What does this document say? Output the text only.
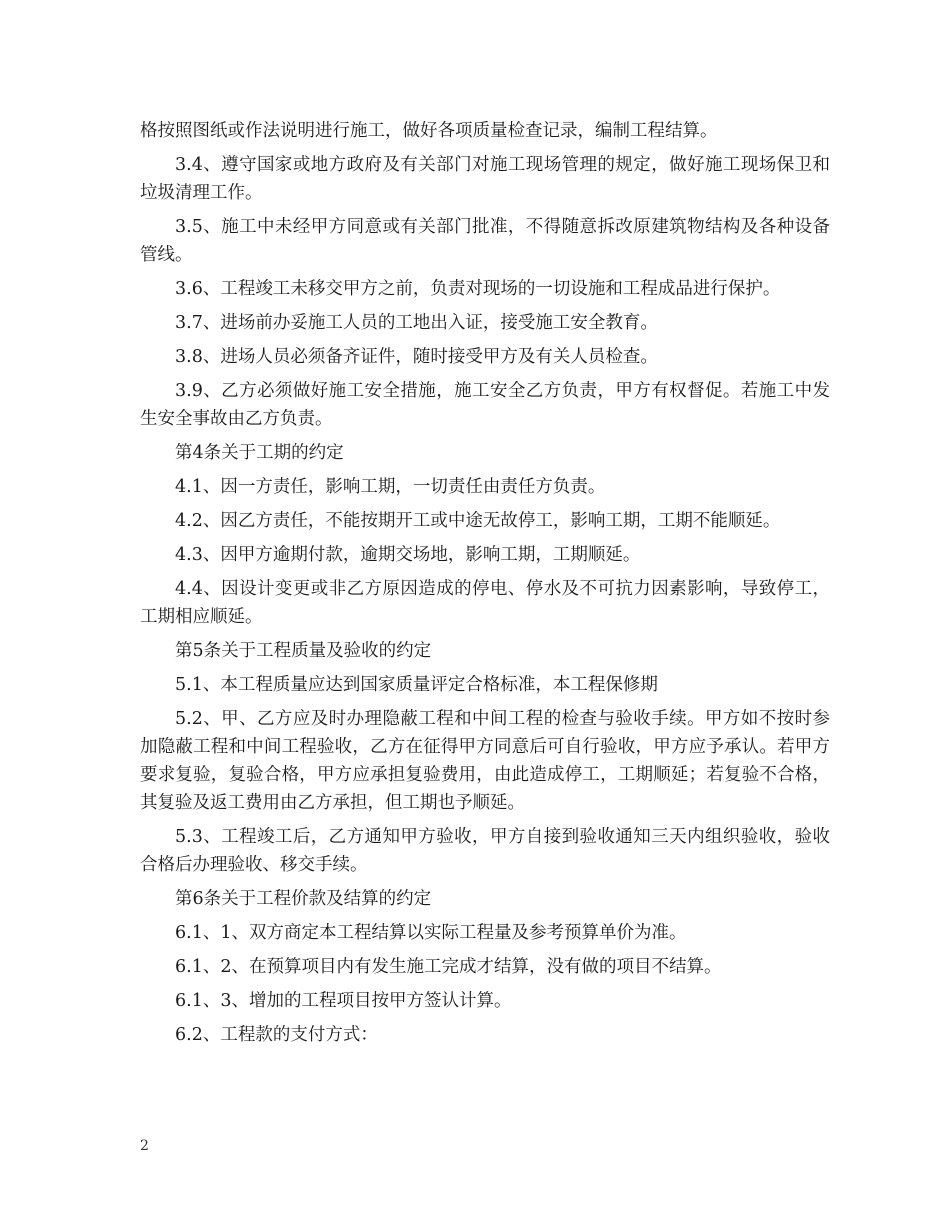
格按照图纸或作法说明进行施工，做好各项质量检查记录，编制工程结算。

3.4、遵守国家或地方政府及有关部门对施工现场管理的规定，做好施工现场保卫和垃圾清理工作。

3.5、施工中未经甲方同意或有关部门批准，不得随意拆改原建筑物结构及各种设备管线。

3.6、工程竣工未移交甲方之前，负责对现场的一切设施和工程成品进行保护。

3.7、进场前办妥施工人员的工地出入证，接受施工安全教育。

3.8、进场人员必须备齐证件，随时接受甲方及有关人员检查。

3.9、乙方必须做好施工安全措施，施工安全乙方负责，甲方有权督促。若施工中发生安全事故由乙方负责。

第4条关于工期的约定

4.1、因一方责任，影响工期，一切责任由责任方负责。

4.2、因乙方责任，不能按期开工或中途无故停工，影响工期，工期不能顺延。

4.3、因甲方逾期付款，逾期交场地，影响工期，工期顺延。

4.4、因设计变更或非乙方原因造成的停电、停水及不可抗力因素影响，导致停工，工期相应顺延。

第5条关于工程质量及验收的约定

5.1、本工程质量应达到国家质量评定合格标准，本工程保修期

5.2、甲、乙方应及时办理隐蔽工程和中间工程的检查与验收手续。甲方如不按时参加隐蔽工程和中间工程验收，乙方在征得甲方同意后可自行验收，甲方应予承认。若甲方要求复验，复验合格，甲方应承担复验费用，由此造成停工，工期顺延；若复验不合格，其复验及返工费用由乙方承担，但工期也予顺延。

5.3、工程竣工后，乙方通知甲方验收，甲方自接到验收通知三天内组织验收，验收合格后办理验收、移交手续。

第6条关于工程价款及结算的约定

6.1、1、双方商定本工程结算以实际工程量及参考预算单价为准。

6.1、2、在预算项目内有发生施工完成才结算，没有做的项目不结算。

6.1、3、增加的工程项目按甲方签认计算。

6.2、工程款的支付方式：

2
